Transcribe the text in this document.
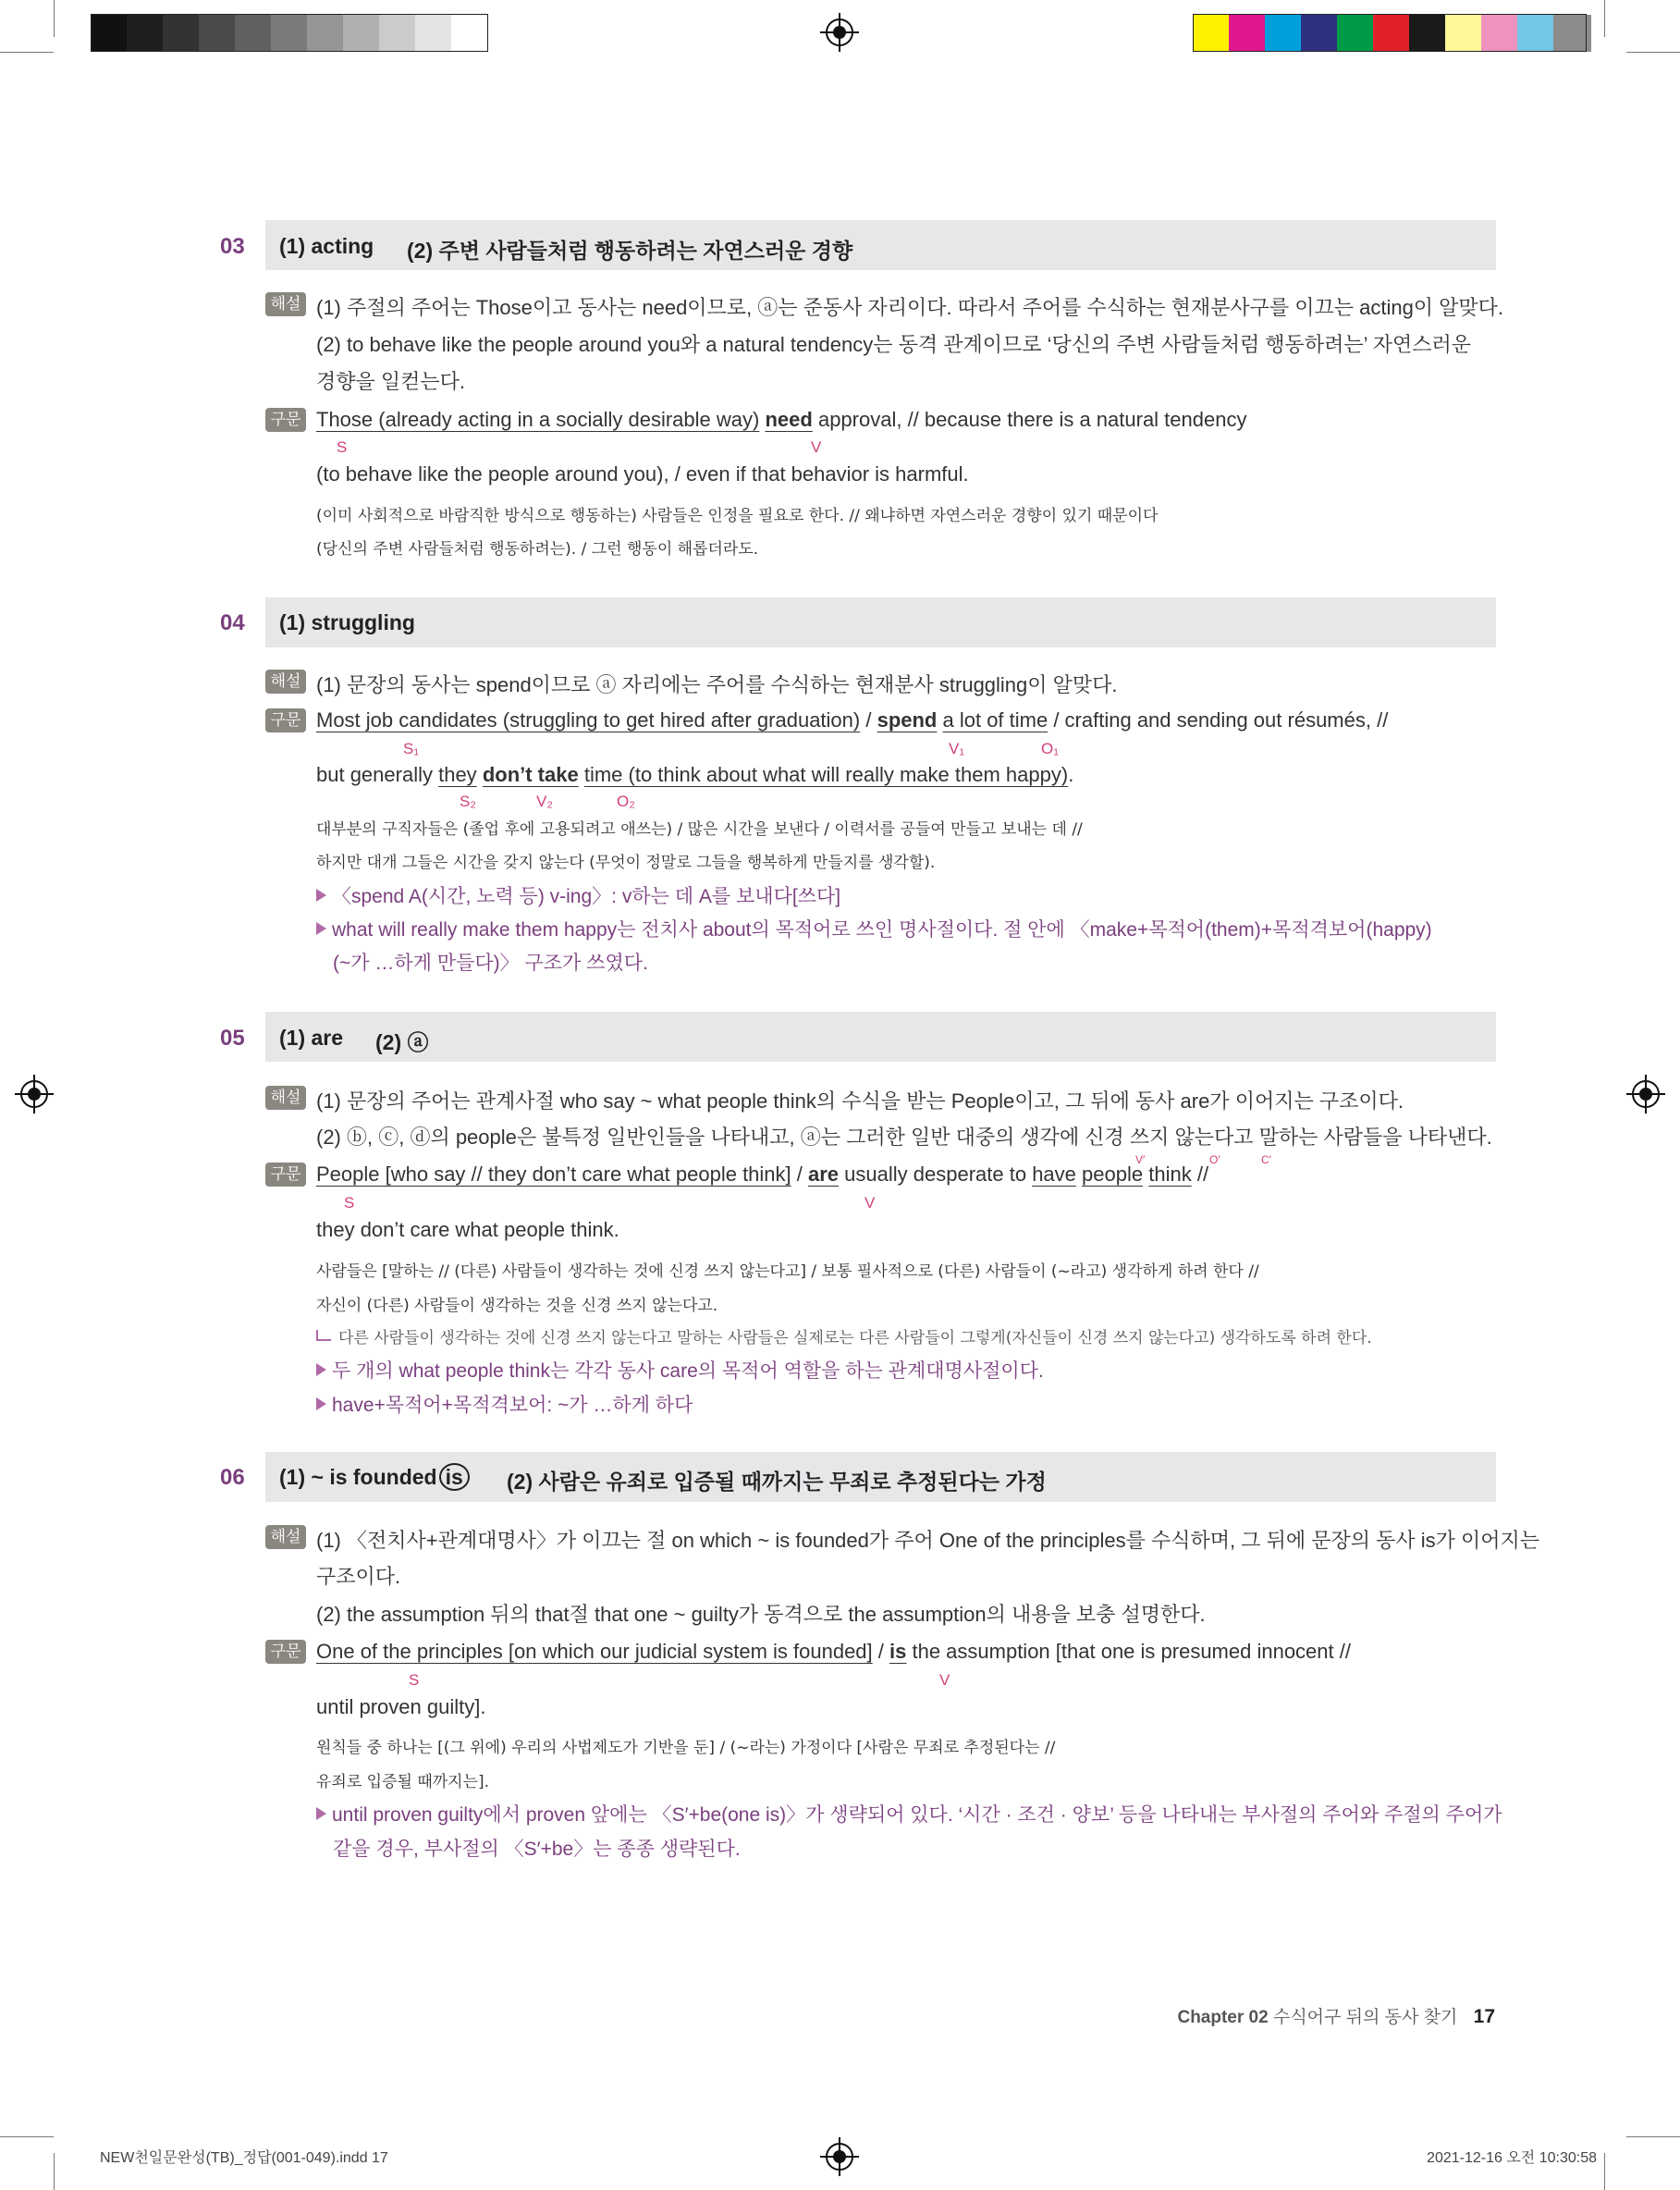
03 (1) acting (2) 주변 사람들처럼 행동하려는 자연스러운 경향
해설 (1) 주절의 주어는 Those이고 동사는 need이므로, ⓐ는 준동사 자리이다. 따라서 주어를 수식하는 현재분사구를 이끄는 acting이 알맞다.
(2) to behave like the people around you와 a natural tendency는 동격 관계이므로 ‘당신의 주변 사람들처럼 행동하려는’ 자연스러운
경향을 일컫는다.
구문 Those (already acting in a socially desirable way) need approval, // because there is a natural tendency
S	V
(to behave like the people around you), / even if that behavior is harmful.
(이미 사회적으로 바람직한 방식으로 행동하는) 사람들은 인정을 필요로 한다. // 왜냐하면 자연스러운 경향이 있기 때문이다
(당신의 주변 사람들처럼 행동하려는). / 그런 행동이 해롭더라도.
04 (1) struggling
해설 (1) 문장의 동사는 spend이므로 ⓐ 자리에는 주어를 수식하는 현재분사 struggling이 알맞다.
구문 Most job candidates (struggling to get hired after graduation) / spend a lot of time / crafting and sending out résumés, //
S₁	V₁	O₁
but generally they don’t take time (to think about what will really make them happy).
S₂	V₂	O₂
대부분의 구직자들은 (졸업 후에 고용되려고 애쓰는) / 많은 시간을 보낸다 / 이력서를 공들여 만들고 보내는 데 //
하지만 대개 그들은 시간을 갖지 않는다 (무엇이 정말로 그들을 행복하게 만들지를 생각할).
〈spend A(시간, 노력 등) v-ing〉: v하는 데 A를 보내다[쓰다]
what will really make them happy는 전치사 about의 목적어로 쓰인 명사절이다. 절 안에 〈make+목적어(them)+목적격보어(happy)
(~가 …하게 만들다)〉 구조가 쓰였다.
05 (1) are (2) ⓐ
해설 (1) 문장의 주어는 관계사절 who say ~ what people think의 수식을 받는 People이고, 그 뒤에 동사 are가 이어지는 구조이다.
(2) ⓑ, ⓒ, ⓓ의 people은 불특정 일반인들을 나타내고, ⓐ는 그러한 일반 대중의 생각에 신경 쓰지 않는다고 말하는 사람들을 나타낸다.
구문 People [who say // they don’t care what people think] / are usually desperate to have people think //
V′	O′	C′
S	V
they don’t care what people think.
사람들은 [말하는 // (다른) 사람들이 생각하는 것에 신경 쓰지 않는다고] / 보통 필사적으로 (다른) 사람들이 (~라고) 생각하게 하려 한다 //
자신이 (다른) 사람들이 생각하는 것을 신경 쓰지 않는다고.
다른 사람들이 생각하는 것에 신경 쓰지 않는다고 말하는 사람들은 실제로는 다른 사람들이 그렇게(자신들이 신경 쓰지 않는다고) 생각하도록 하려 한다.
두 개의 what people think는 각각 동사 care의 목적어 역할을 하는 관계대명사절이다.
have+목적어+목적격보어: ~가 …하게 하다
06 (1) ~ is founded is	(2) 사람은 유죄로 입증될 때까지는 무죄로 추정된다는 가정
해설 (1) 〈전치사+관계대명사〉가 이끄는 절 on which ~ is founded가 주어 One of the principles를 수식하며, 그 뒤에 문장의 동사 is가 이어지는
구조이다.
(2) the assumption 뒤의 that절 that one ~ guilty가 동격으로 the assumption의 내용을 보충 설명한다.
구문 One of the principles [on which our judicial system is founded] / is the assumption [that one is presumed innocent //
S	V
until proven guilty].
원칙들 중 하나는 [(그 위에) 우리의 사법제도가 기반을 둔] / (~라는) 가정이다 [사람은 무죄로 추정된다는 //
유죄로 입증될 때까지는].
until proven guilty에서 proven 앞에는 〈S′+be(one is)〉가 생략되어 있다. ‘시간 · 조건 · 양보’ 등을 나타내는 부사절의 주어와 주절의 주어가
같을 경우, 부사절의 〈S′+be〉는 종종 생략된다.
Chapter 02 수식어구 뒤의 동사 찾기 17
NEW천일문완성(TB)_정답(001-049).indd 17	2021-12-16 오전 10:30:58
